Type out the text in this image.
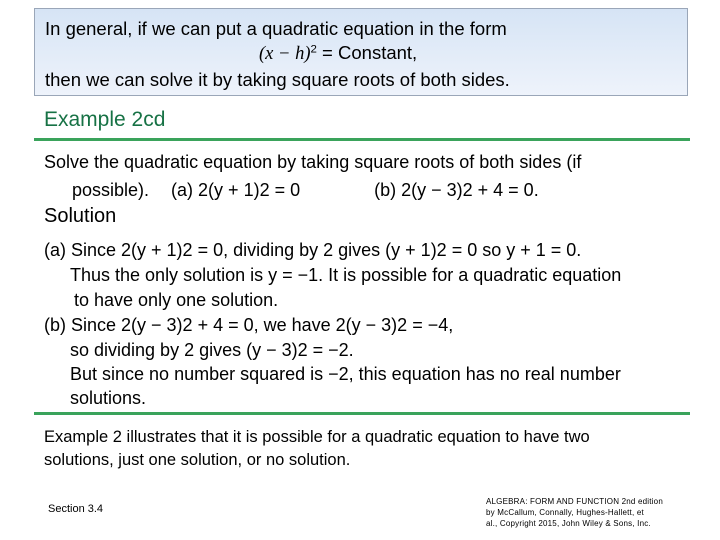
In general, if we can put a quadratic equation in the form
$(x - h)^2$ = Constant,
then we can solve it by taking square roots of both sides.
Example 2cd
Solve the quadratic equation by taking square roots of both sides (if
possible). (a) 2(y + 1)2 = 0	(b) 2(y − 3)2 + 4 = 0.
Solution
(a) Since 2(y + 1)2 = 0, dividing by 2 gives (y + 1)2 = 0 so y + 1 = 0.
Thus the only solution is y = −1. It is possible for a quadratic equation
to have only one solution.
(b) Since 2(y − 3)2 + 4 = 0, we have 2(y − 3)2 = −4,
so dividing by 2 gives (y − 3)2 = −2.
But since no number squared is −2, this equation has no real number
solutions.
Example 2 illustrates that it is possible for a quadratic equation to have two
solutions, just one solution, or no solution.
Section 3.4
ALGEBRA: FORM AND FUNCTION 2nd edition
by McCallum, Connally, Hughes-Hallett, et
al., Copyright 2015, John Wiley & Sons, Inc.
